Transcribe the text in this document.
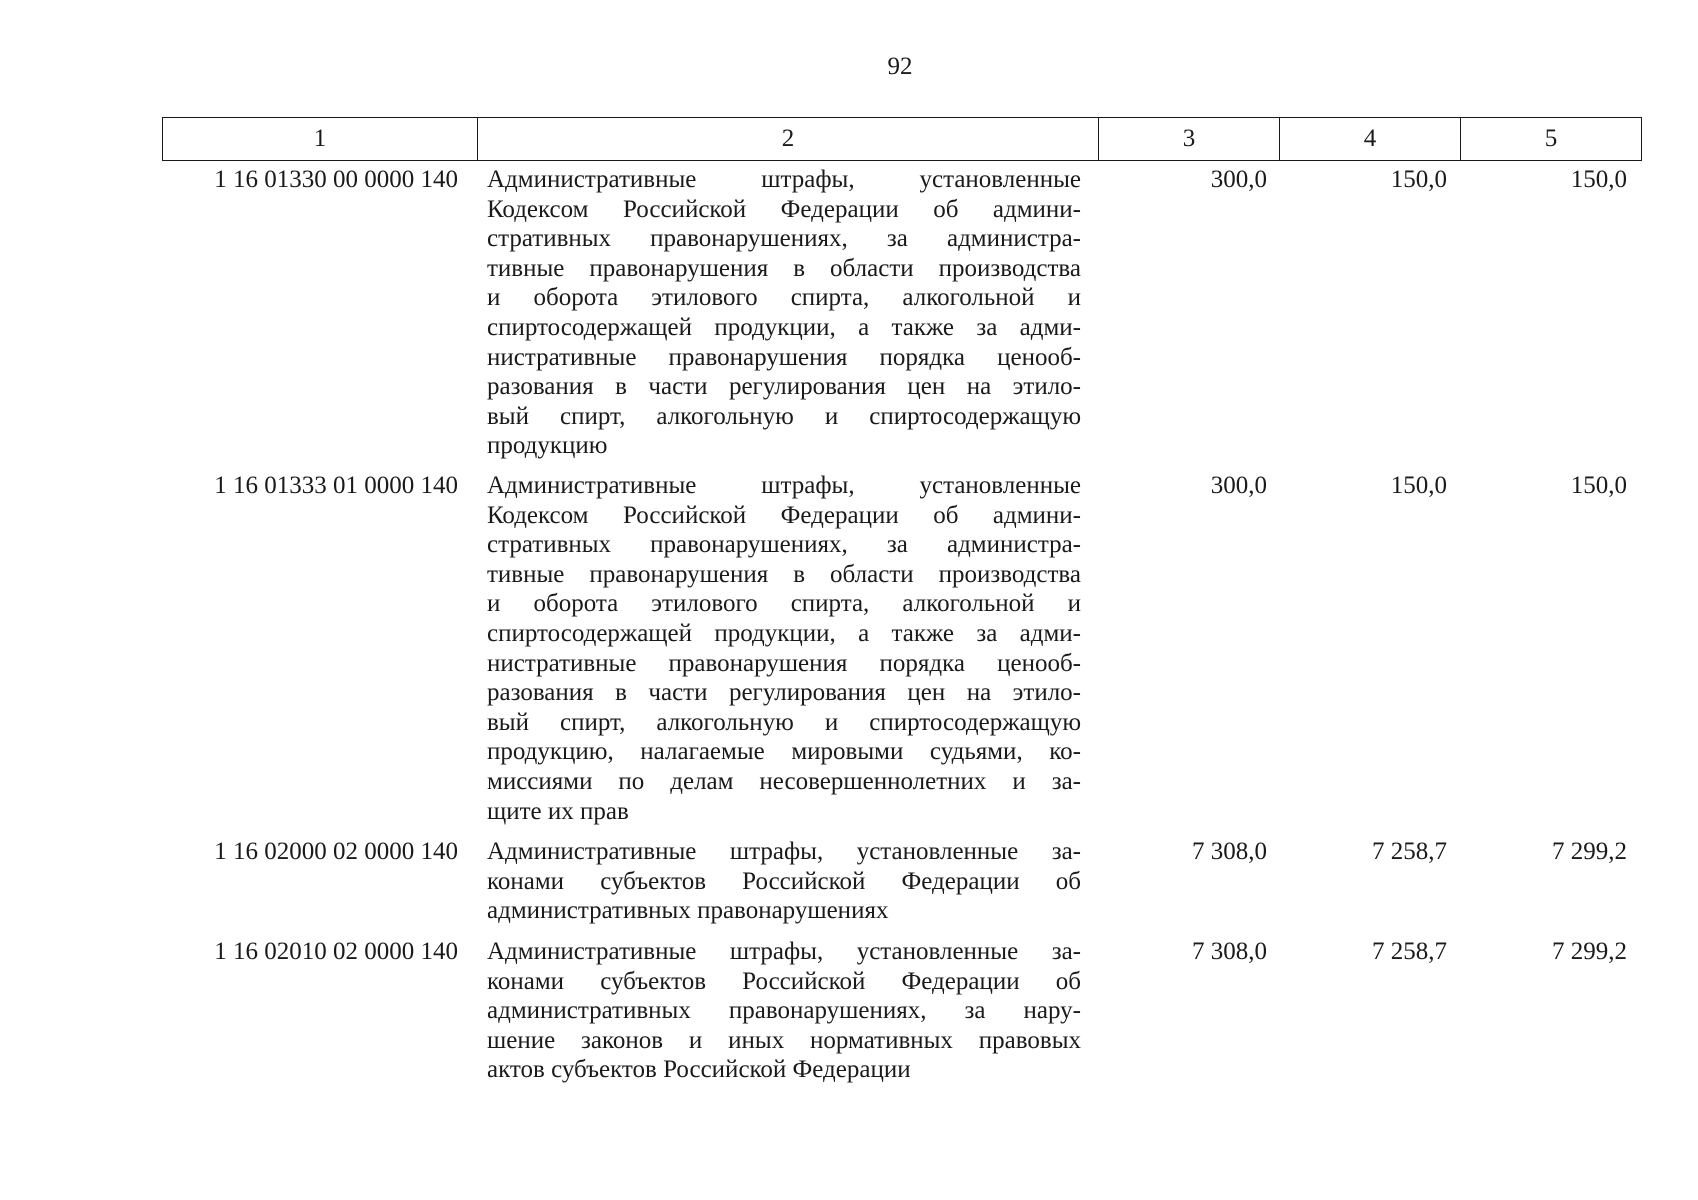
92
1	2	3	4	5
1 16 01330 00 0000 140 Административные штрафы, установленные
Кодексом Российской Федерации об админи-
стративных правонарушениях, за администра-
тивные правонарушения в области производства
и оборота этилового спирта, алкогольной и
спиртосодержащей продукции, а также за адми-
нистративные правонарушения порядка ценооб-
разования в части регулирования цен на этило-
вый спирт, алкогольную и спиртосодержащую
продукцию
300,0	150,0	150,0
1 16 01333 01 0000 140 Административные штрафы, установленные
Кодексом Российской Федерации об админи-
стративных правонарушениях, за администра-
тивные правонарушения в области производства
и оборота этилового спирта, алкогольной и
спиртосодержащей продукции, а также за адми-
нистративные правонарушения порядка ценооб-
разования в части регулирования цен на этило-
вый спирт, алкогольную и спиртосодержащую
продукцию, налагаемые мировыми судьями, ко-
миссиями по делам несовершеннолетних и за-
щите их прав
300,0	150,0	150,0
1 16 02000 02 0000 140 Административные штрафы, установленные за-
конами субъектов Российской Федерации об
административных правонарушениях
7 308,0	7 258,7	7 299,2
1 16 02010 02 0000 140 Административные штрафы, установленные за-
конами субъектов Российской Федерации об
административных правонарушениях, за нару-
шение законов и иных нормативных правовых
актов субъектов Российской Федерации
7 308,0	7 258,7	7 299,2
